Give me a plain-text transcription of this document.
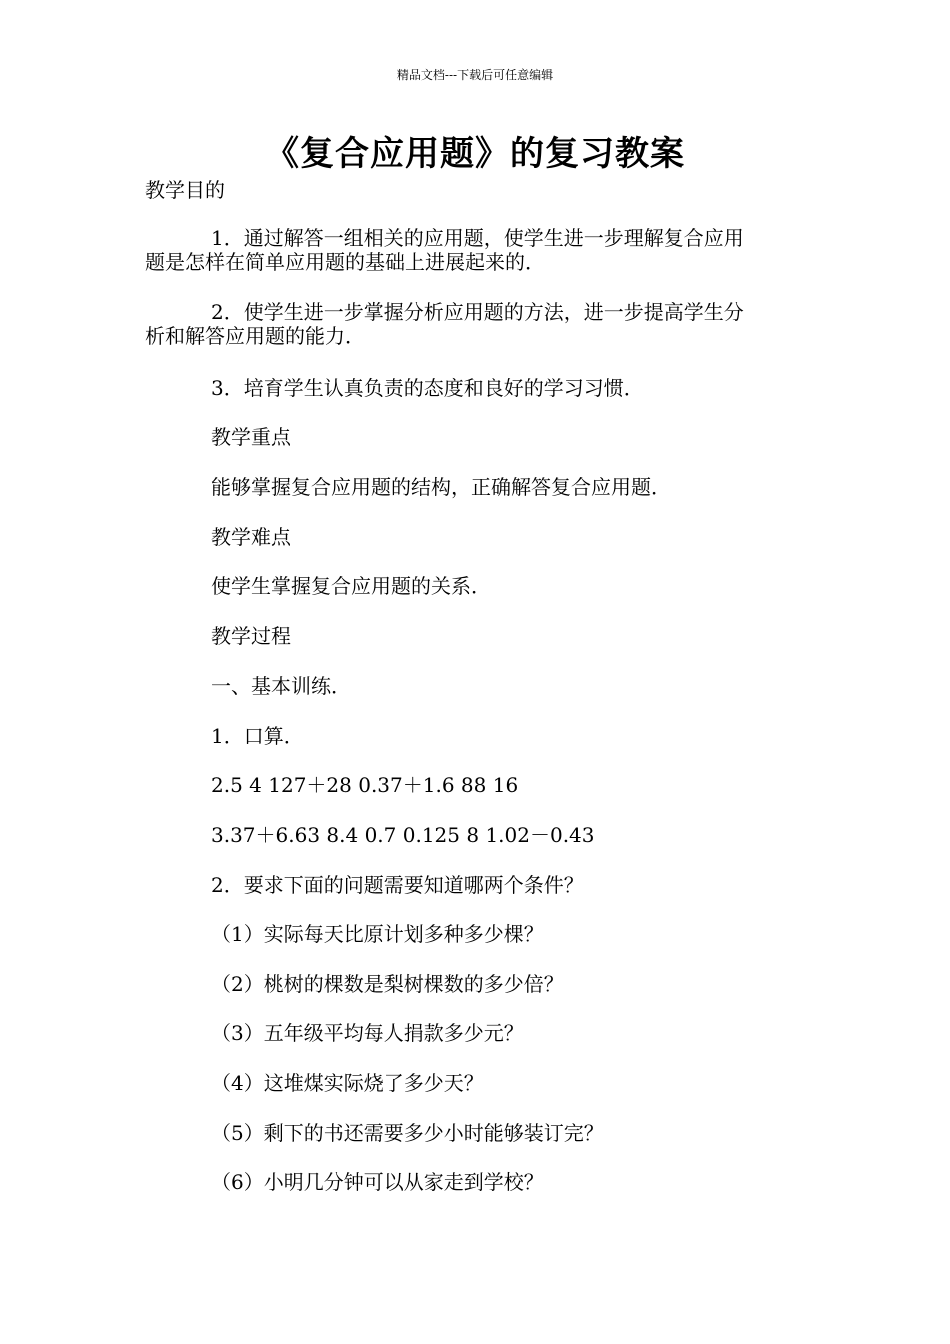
精品文档---下载后可任意编辑
《复合应用题》的复习教案
教学目的
1．通过解答一组相关的应用题，使学生进一步理解复合应用
题是怎样在简单应用题的基础上进展起来的．
2．使学生进一步掌握分析应用题的方法，进一步提高学生分
析和解答应用题的能力．
3．培育学生认真负责的态度和良好的学习习惯．
教学重点
能够掌握复合应用题的结构，正确解答复合应用题．
教学难点
使学生掌握复合应用题的关系．
教学过程
一、基本训练．
1．口算．
2.5 4 127＋28 0.37＋1.6 88 16
3.37＋6.63 8.4 0.7 0.125 8 1.02－0.43
2．要求下面的问题需要知道哪两个条件？
（1）实际每天比原计划多种多少棵？
（2）桃树的棵数是梨树棵数的多少倍？
（3）五年级平均每人捐款多少元？
（4）这堆煤实际烧了多少天？
（5）剩下的书还需要多少小时能够装订完？
（6）小明几分钟可以从家走到学校？
